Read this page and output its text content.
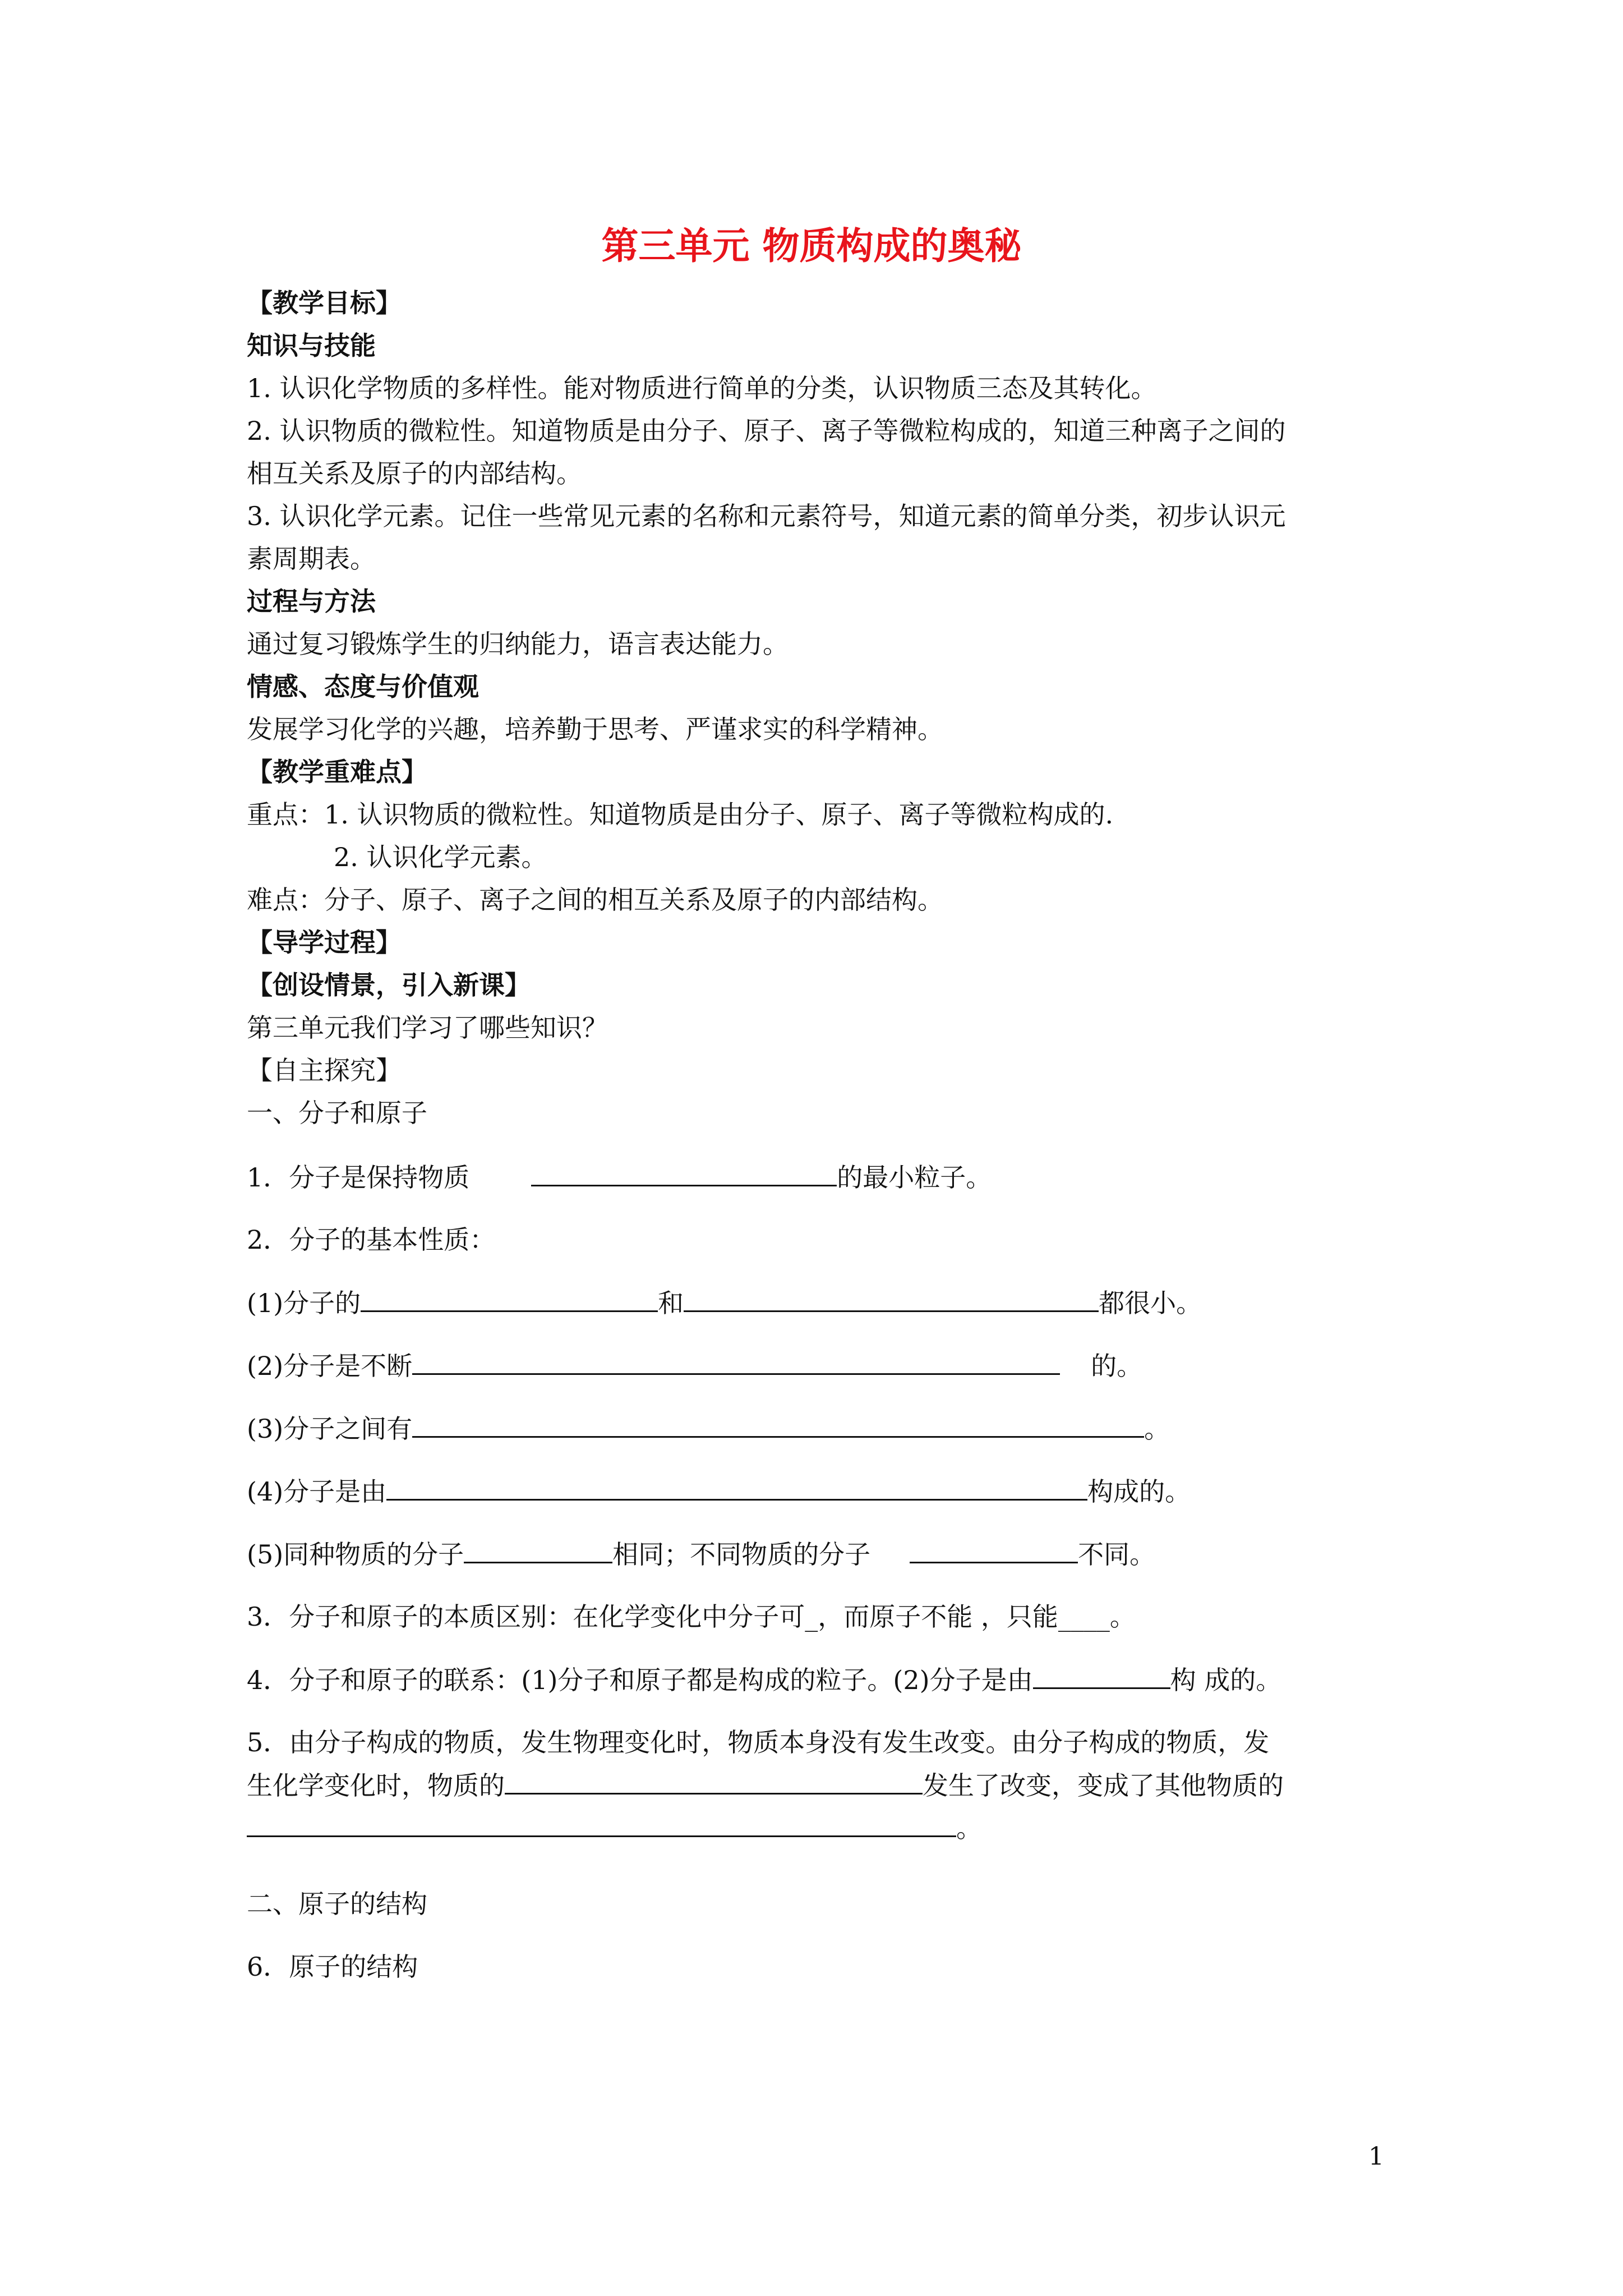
第三单元 物质构成的奥秘
【教学目标】
知识与技能
1. 认识化学物质的多样性。能对物质进行简单的分类，认识物质三态及其转化。
2. 认识物质的微粒性。知道物质是由分子、原子、离子等微粒构成的，知道三种离子之间的
相互关系及原子的内部结构。
3. 认识化学元素。记住一些常见元素的名称和元素符号，知道元素的简单分类，初步认识元
素周期表。
过程与方法
通过复习锻炼学生的归纳能力，语言表达能力。
情感、态度与价值观
发展学习化学的兴趣，培养勤于思考、严谨求实的科学精神。
【教学重难点】
重点：1. 认识物质的微粒性。知道物质是由分子、原子、离子等微粒构成的.
2. 认识化学元素。
难点：分子、原子、离子之间的相互关系及原子的内部结构。
【导学过程】
【创设情景，引入新课】
第三单元我们学习了哪些知识？
【自主探究】
一、分子和原子
1．分子是保持物质	的最小粒子。
2．分子的基本性质：
(1)分子的	和	都很小。
(2)分子是不断	的。
(3)分子之间有	。
(4)分子是由	构成的。
(5)同种物质的分子	相同；不同物质的分子	不同。
3．分子和原子的本质区别：在化学变化中分子可_，而原子不能 ，只能____。
4．分子和原子的联系：(1)分子和原子都是构成的粒子。(2)分子是由	构 成的。
5．由分子构成的物质，发生物理变化时，物质本身没有发生改变。由分子构成的物质，发
生化学变化时，物质的	发生了改变，变成了其他物质的
。
二、原子的结构
6．原子的结构
1
